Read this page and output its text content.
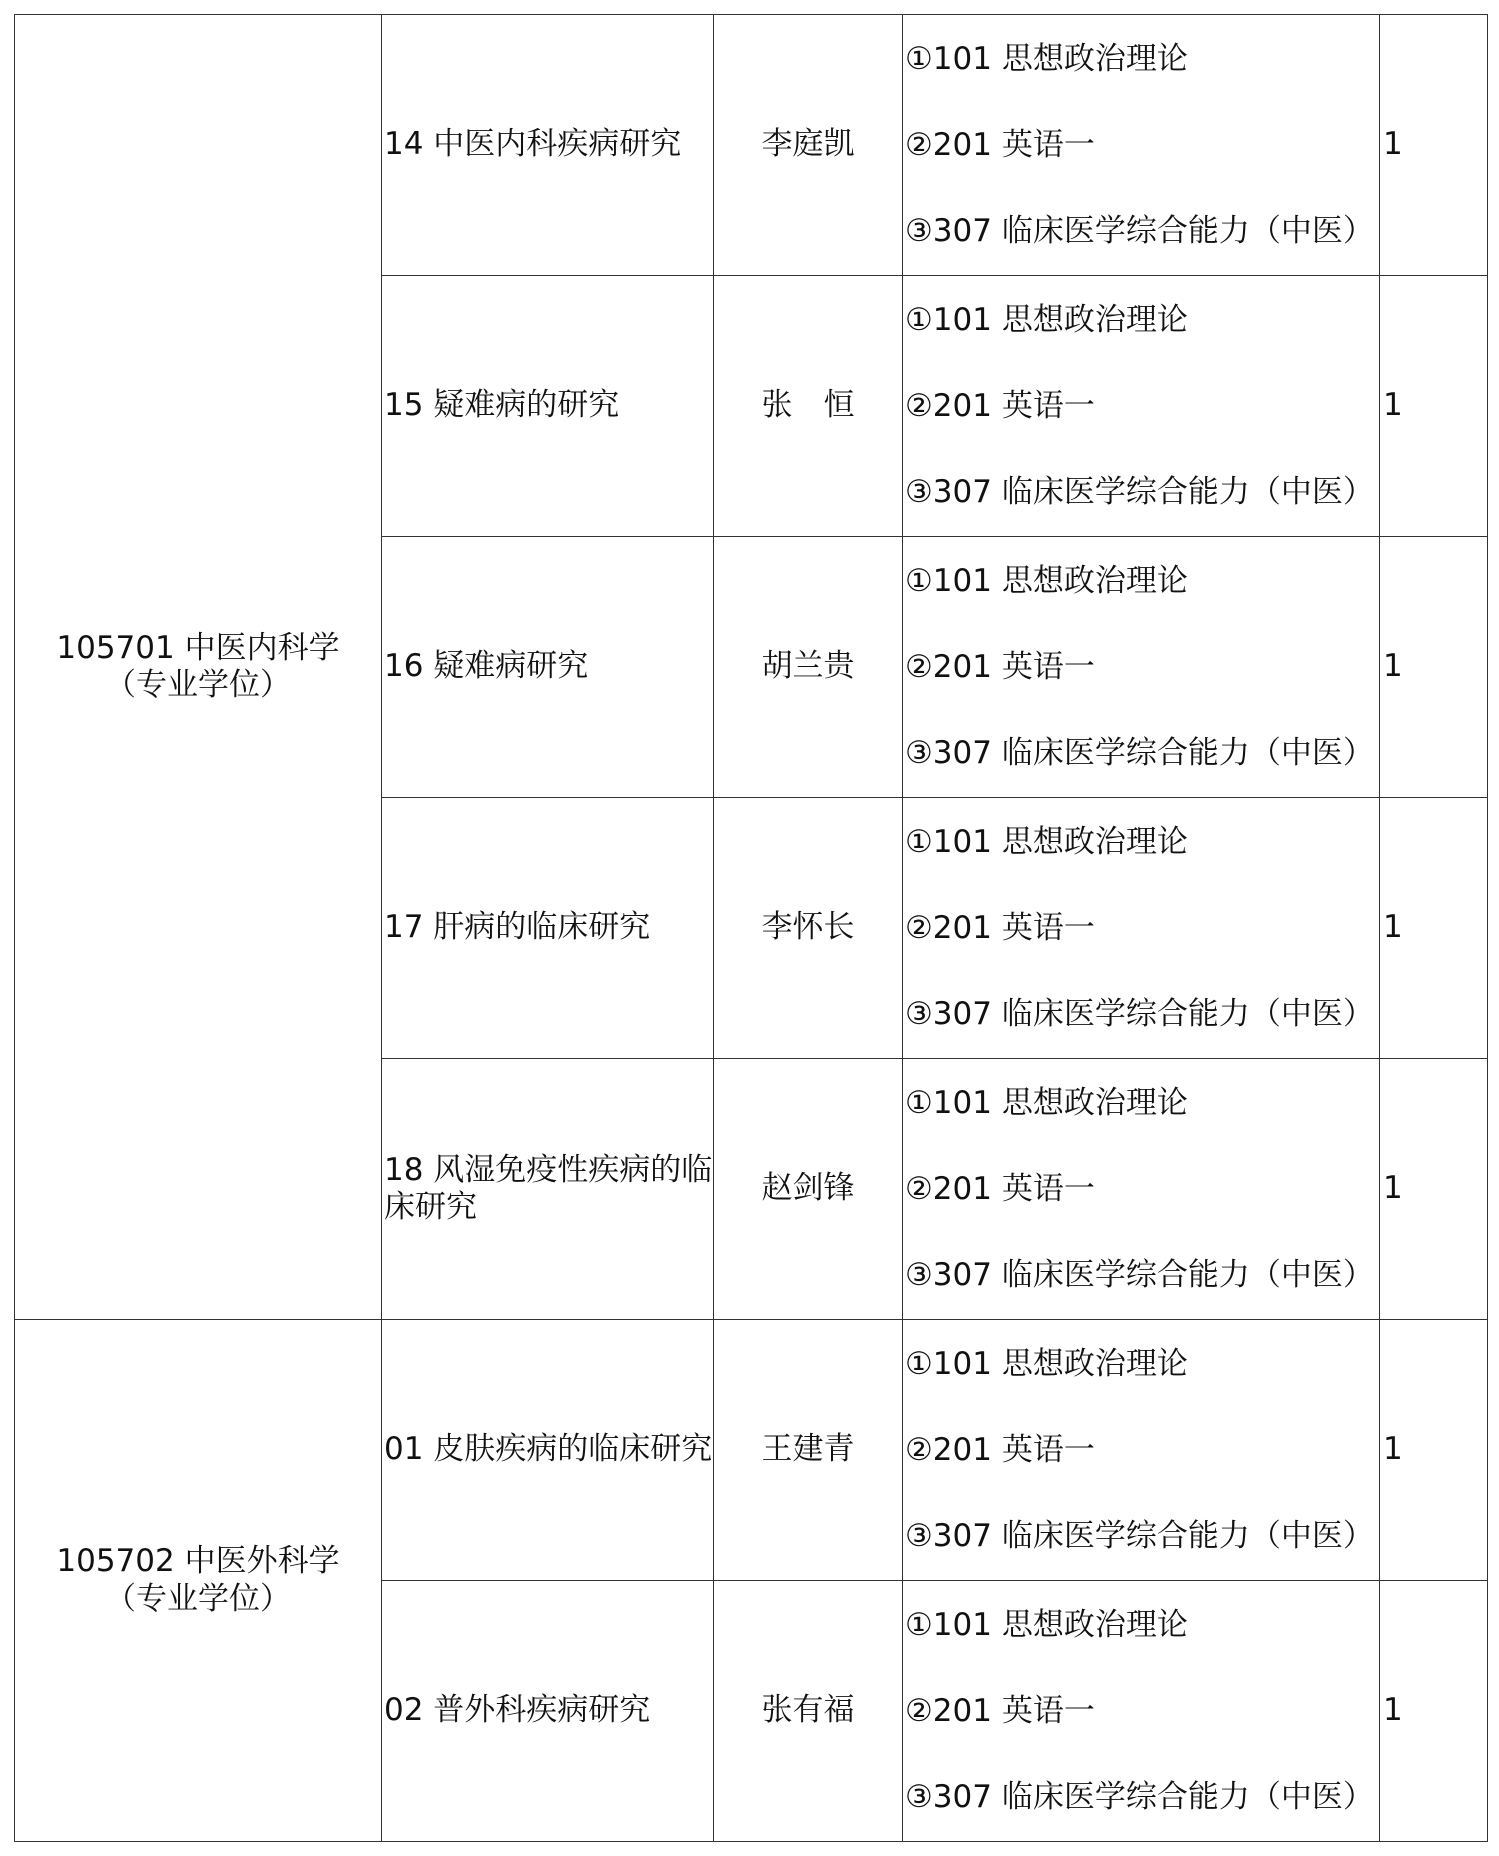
105701 中医内科学
（专业学位）	14 中医内科疾病研究	李庭凯	①101 思想政治理论
②201 英语一
③307 临床医学综合能力（中医）	1
	15 疑难病的研究	张　恒	①101 思想政治理论
②201 英语一
③307 临床医学综合能力（中医）	1
	16 疑难病研究	胡兰贵	①101 思想政治理论
②201 英语一
③307 临床医学综合能力（中医）	1
	17 肝病的临床研究	李怀长	①101 思想政治理论
②201 英语一
③307 临床医学综合能力（中医）	1
	18 风湿免疫性疾病的临床研究	赵剑锋	①101 思想政治理论
②201 英语一
③307 临床医学综合能力（中医）	1

105702 中医外科学
（专业学位）	01 皮肤疾病的临床研究	王建青	①101 思想政治理论
②201 英语一
③307 临床医学综合能力（中医）	1
	02 普外科疾病研究	张有福	①101 思想政治理论
②201 英语一
③307 临床医学综合能力（中医）	1
